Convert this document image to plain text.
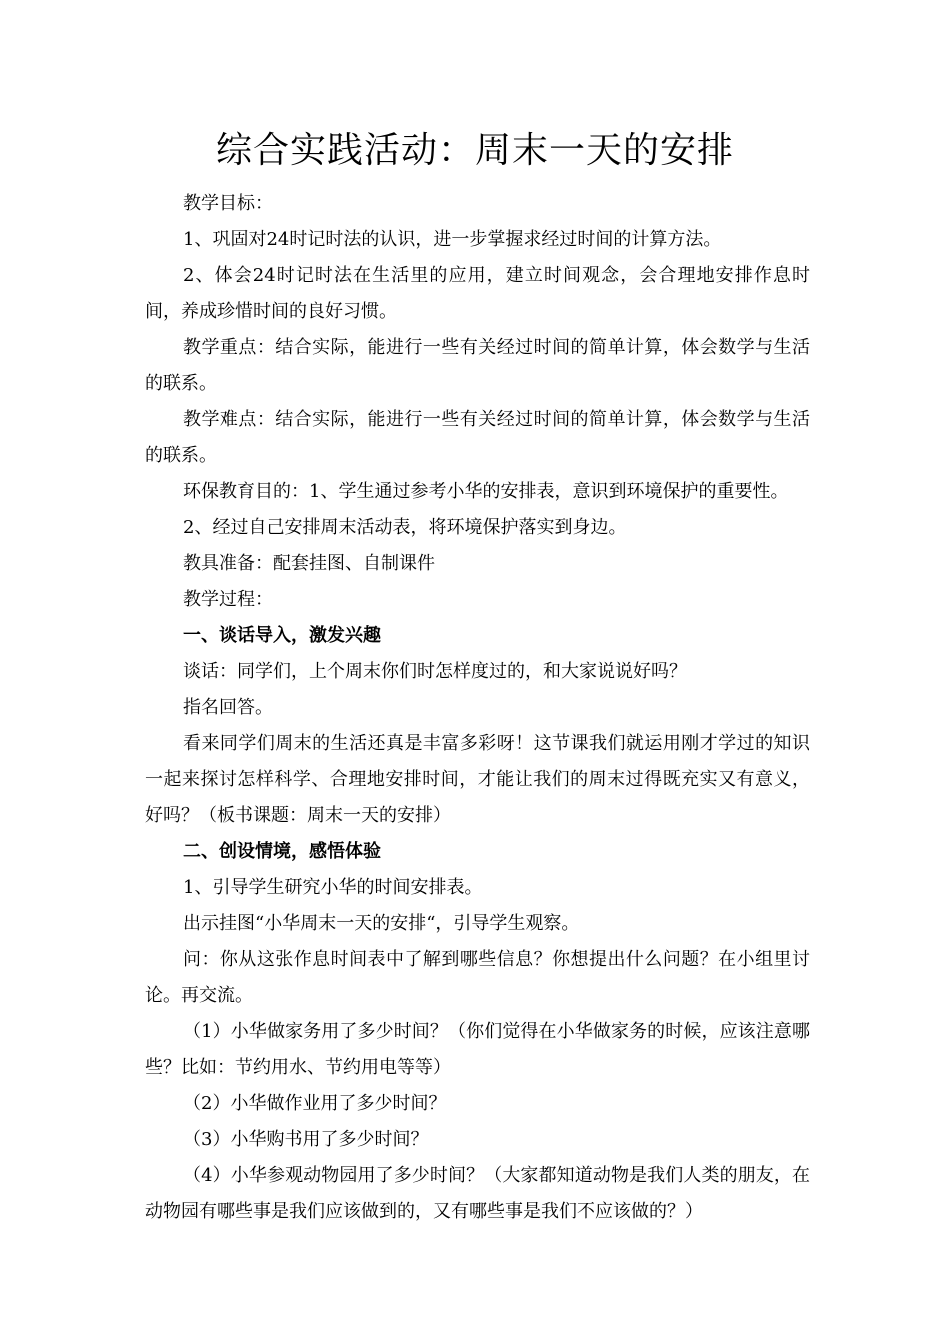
综合实践活动：周末一天的安排

教学目标：

1、巩固对24时记时法的认识，进一步掌握求经过时间的计算方法。

2、体会24时记时法在生活里的应用，建立时间观念，会合理地安排作息时间，养成珍惜时间的良好习惯。

教学重点：结合实际，能进行一些有关经过时间的简单计算，体会数学与生活的联系。

教学难点：结合实际，能进行一些有关经过时间的简单计算，体会数学与生活的联系。

环保教育目的：1、学生通过参考小华的安排表，意识到环境保护的重要性。

2、经过自己安排周末活动表，将环境保护落实到身边。

教具准备：配套挂图、自制课件

教学过程：

一、谈话导入，激发兴趣

谈话：同学们，上个周末你们时怎样度过的，和大家说说好吗？

指名回答。

看来同学们周末的生活还真是丰富多彩呀！这节课我们就运用刚才学过的知识一起来探讨怎样科学、合理地安排时间，才能让我们的周末过得既充实又有意义，好吗？（板书课题：周末一天的安排）

二、创设情境，感悟体验

1、引导学生研究小华的时间安排表。

出示挂图“小华周末一天的安排“，引导学生观察。

问：你从这张作息时间表中了解到哪些信息？你想提出什么问题？在小组里讨论。再交流。

（1）小华做家务用了多少时间？（你们觉得在小华做家务的时候，应该注意哪些？比如：节约用水、节约用电等等）

（2）小华做作业用了多少时间？

（3）小华购书用了多少时间？

（4）小华参观动物园用了多少时间？（大家都知道动物是我们人类的朋友，在动物园有哪些事是我们应该做到的，又有哪些事是我们不应该做的？）
